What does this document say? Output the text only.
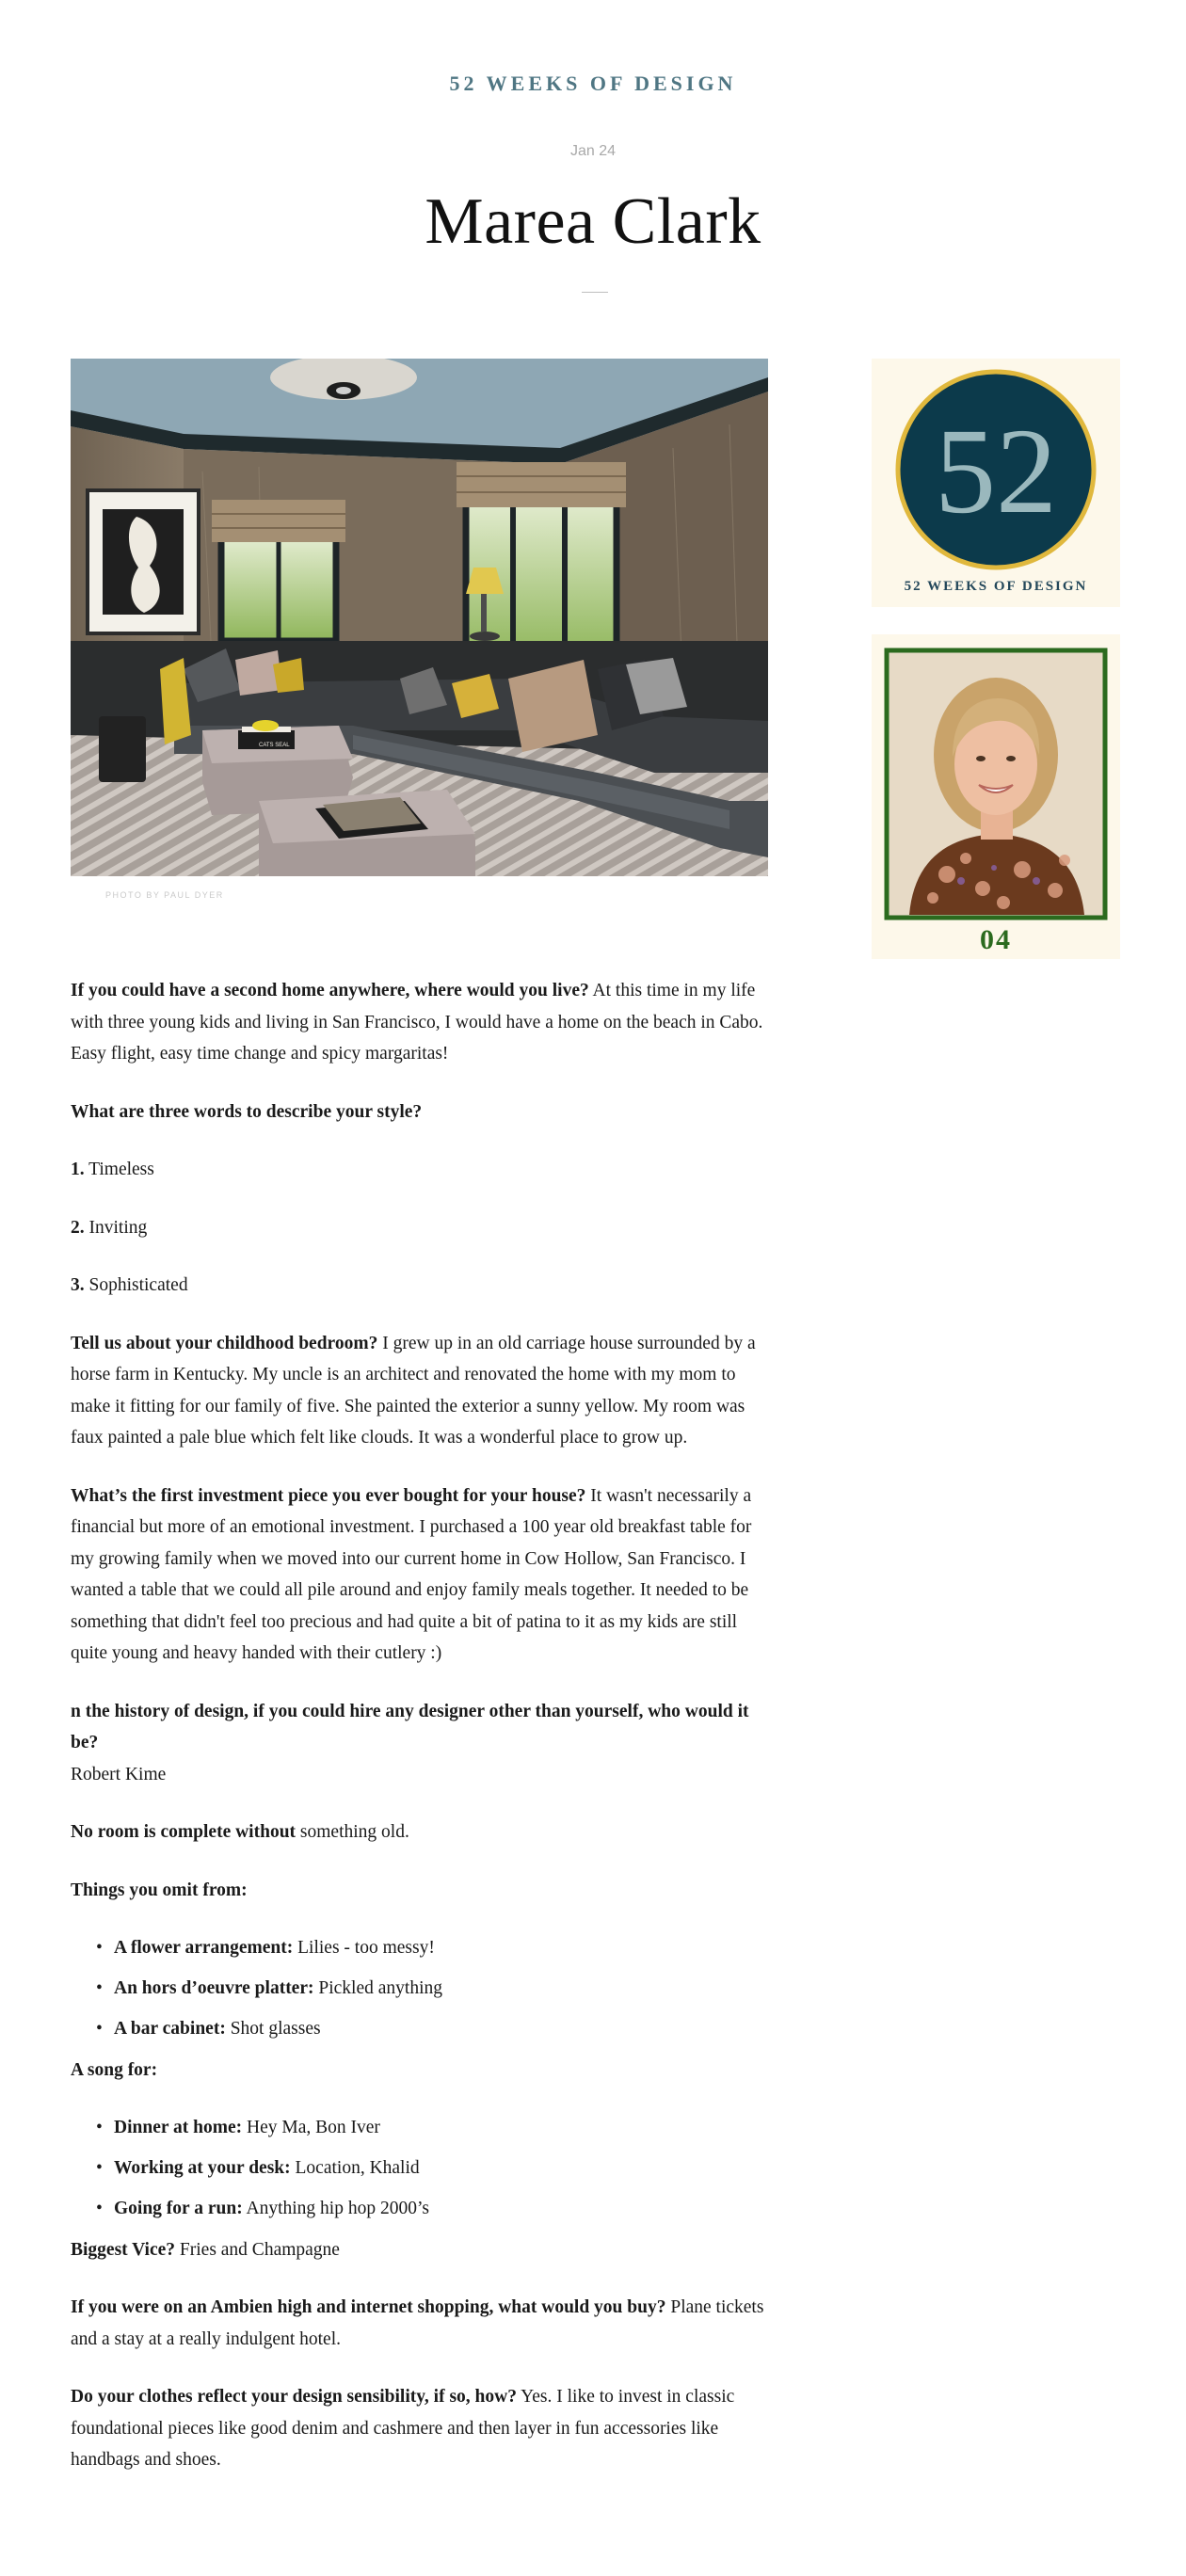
52 WEEKS OF DESIGN
Jan 24
Marea Clark
CATS SEAL
PHOTO BY PAUL DYER
52
52 WEEKS OF DESIGN
04

If you could have a second home anywhere, where would you live? At this time in my life with three young kids and living in San Francisco, I would have a home on the beach in Cabo. Easy flight, easy time change and spicy margaritas!

What are three words to describe your style?

1. Timeless

2. Inviting

3. Sophisticated

Tell us about your childhood bedroom? I grew up in an old carriage house surrounded by a horse farm in Kentucky. My uncle is an architect and renovated the home with my mom to make it fitting for our family of five. She painted the exterior a sunny yellow. My room was faux painted a pale blue which felt like clouds. It was a wonderful place to grow up.

What’s the first investment piece you ever bought for your house? It wasn't necessarily a financial but more of an emotional investment. I purchased a 100 year old breakfast table for my growing family when we moved into our current home in Cow Hollow, San Francisco. I wanted a table that we could all pile around and enjoy family meals together. It needed to be something that didn't feel too precious and had quite a bit of patina to it as my kids are still quite young and heavy handed with their cutlery :)

n the history of design, if you could hire any designer other than yourself, who would it be?
Robert Kime

No room is complete without something old.

Things you omit from:

• A flower arrangement: Lilies - too messy!
• An hors d’oeuvre platter: Pickled anything
• A bar cabinet: Shot glasses

A song for:

• Dinner at home: Hey Ma, Bon Iver
• Working at your desk: Location, Khalid
• Going for a run: Anything hip hop 2000’s

Biggest Vice? Fries and Champagne

If you were on an Ambien high and internet shopping, what would you buy? Plane tickets and a stay at a really indulgent hotel.

Do your clothes reflect your design sensibility, if so, how? Yes. I like to invest in classic foundational pieces like good denim and cashmere and then layer in fun accessories like handbags and shoes.
